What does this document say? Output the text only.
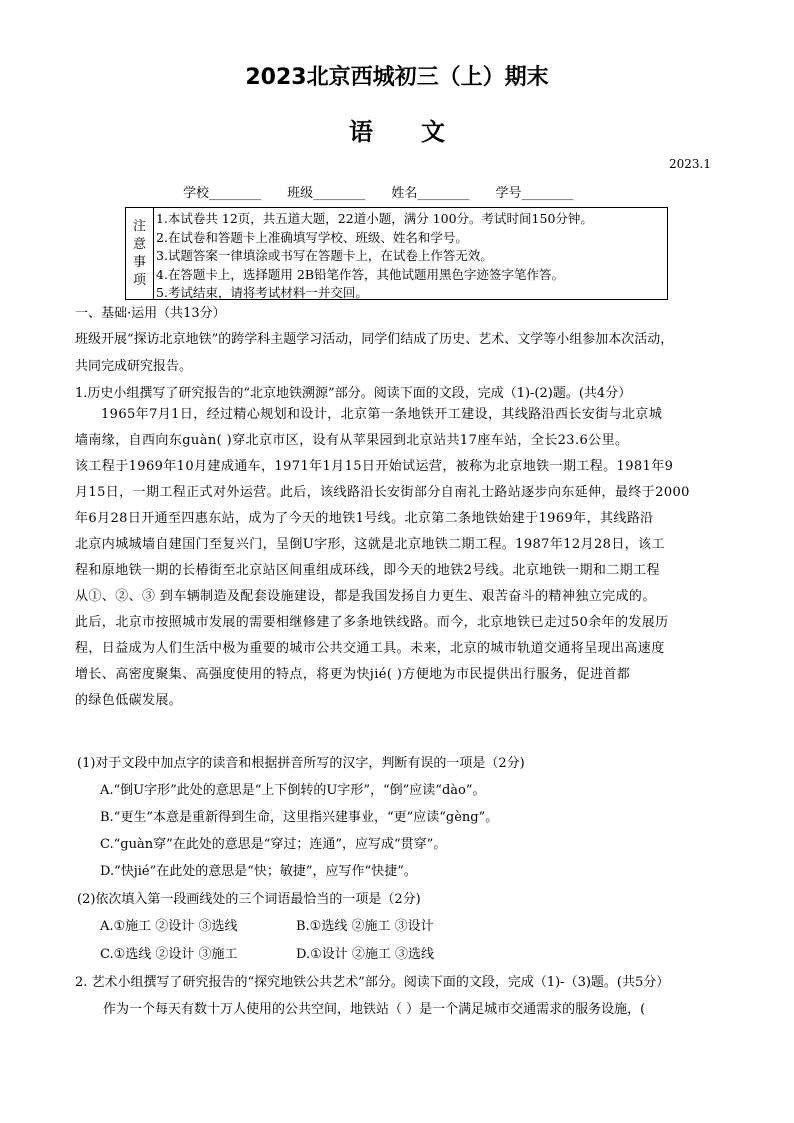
2023北京西城初三（上）期末
语文
2023.1
学校________ 班级________ 姓名________ 学号________
注意事项
1.本试卷共 12页，共五道大题，22道小题，满分 100分。考试时间150分钟。
2.在试卷和答题卡上准确填写学校、班级、姓名和学号。
3.试题答案一律填涂或书写在答题卡上，在试卷上作答无效。
4.在答题卡上，选择题用 2B铅笔作答，其他试题用黑色字迹签字笔作答。
5.考试结束，请将考试材料一并交回。
一、基础·运用（共13分）
班级开展“探访北京地铁”的跨学科主题学习活动，同学们结成了历史、艺术、文学等小组参加本次活动，
共同完成研究报告。
1.历史小组撰写了研究报告的“北京地铁溯源”部分。阅读下面的文段，完成（1)-(2)题。(共4分）
1965年7月1日，经过精心规划和设计，北京第一条地铁开工建设，其线路沿西长安街与北京城
墙南缘，自西向东guàn( )穿北京市区，设有从苹果园到北京站共17座车站，全长23.6公里。
该工程于1969年10月建成通车，1971年1月15日开始试运营，被称为北京地铁一期工程。1981年9
月15日，一期工程正式对外运营。此后，该线路沿长安街部分自南礼士路站逐步向东延伸，最终于2000
年6月28日开通至四惠东站，成为了今天的地铁1号线。北京第二条地铁始建于1969年，其线路沿
北京内城城墙自建国门至复兴门，呈倒U字形，这就是北京地铁二期工程。1987年12月28日，该工
程和原地铁一期的长椿街至北京站区间重组成环线，即今天的地铁2号线。北京地铁一期和二期工程
从①、②、③ 到车辆制造及配套设施建设，都是我国发扬自力更生、艰苦奋斗的精神独立完成的。
此后，北京市按照城市发展的需要相继修建了多条地铁线路。而今，北京地铁已走过50余年的发展历
程，日益成为人们生活中极为重要的城市公共交通工具。未来，北京的城市轨道交通将呈现出高速度
增长、高密度聚集、高强度使用的特点，将更为快jié( )方便地为市民提供出行服务，促进首都
的绿色低碳发展。
(1)对于文段中加点字的读音和根据拼音所写的汉字，判断有误的一项是（2分)
A.“倒U字形”此处的意思是“上下倒转的U字形”，“倒”应读“dào”。
B.“更生”本意是重新得到生命，这里指兴建事业，“更”应读“gèng”。
C.“guàn穿”在此处的意思是“穿过；连通”，应写成“贯穿”。
D.“快jié”在此处的意思是“快；敏捷”，应写作“快捷”。
(2)依次填入第一段画线处的三个词语最恰当的一项是（2分)
A.①施工 ②设计 ③选线	B.①选线 ②施工 ③设计
C.①选线 ②设计 ③施工	D.①设计 ②施工 ③选线
2. 艺术小组撰写了研究报告的“探究地铁公共艺术”部分。阅读下面的文段，完成（1)-（3)题。(共5分）
作为一个每天有数十万人使用的公共空间，地铁站（ ）是一个满足城市交通需求的服务设施，(
